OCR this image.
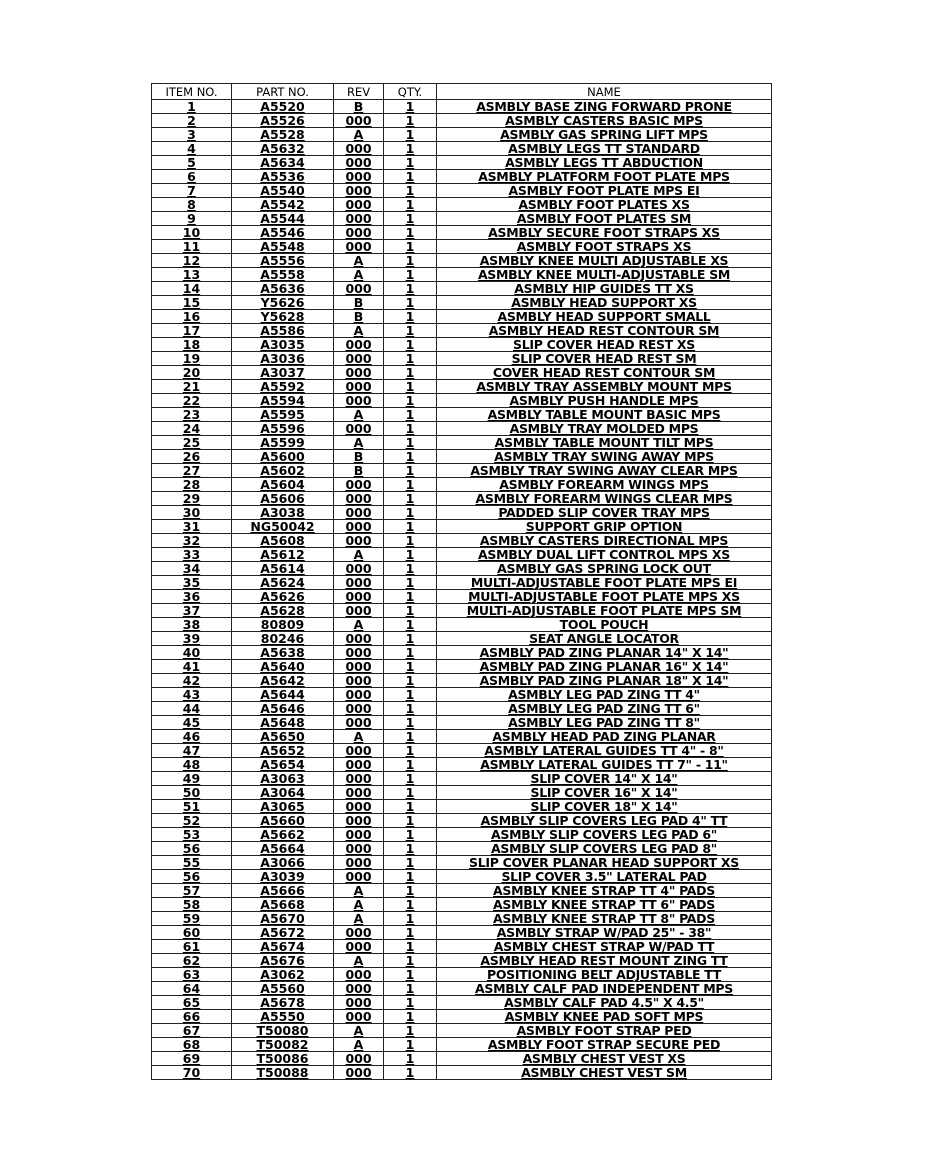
ITEM NO.	PART NO.	REV	QTY.	NAME
1	A5520	B	1	ASMBLY BASE ZING FORWARD PRONE
2	A5526	000	1	ASMBLY CASTERS BASIC MPS
3	A5528	A	1	ASMBLY GAS SPRING LIFT MPS
4	A5632	000	1	ASMBLY LEGS TT STANDARD
5	A5634	000	1	ASMBLY LEGS TT ABDUCTION
6	A5536	000	1	ASMBLY PLATFORM FOOT PLATE MPS
7	A5540	000	1	ASMBLY FOOT PLATE MPS EI
8	A5542	000	1	ASMBLY FOOT PLATES XS
9	A5544	000	1	ASMBLY FOOT PLATES SM
10	A5546	000	1	ASMBLY SECURE FOOT STRAPS XS
11	A5548	000	1	ASMBLY FOOT STRAPS XS
12	A5556	A	1	ASMBLY KNEE MULTI ADJUSTABLE XS
13	A5558	A	1	ASMBLY KNEE MULTI-ADJUSTABLE SM
14	A5636	000	1	ASMBLY HIP GUIDES TT XS
15	Y5626	B	1	ASMBLY HEAD SUPPORT XS
16	Y5628	B	1	ASMBLY HEAD SUPPORT SMALL
17	A5586	A	1	ASMBLY HEAD REST CONTOUR SM
18	A3035	000	1	SLIP COVER HEAD REST XS
19	A3036	000	1	SLIP COVER HEAD REST SM
20	A3037	000	1	COVER HEAD REST CONTOUR SM
21	A5592	000	1	ASMBLY TRAY ASSEMBLY MOUNT MPS
22	A5594	000	1	ASMBLY PUSH HANDLE MPS
23	A5595	A	1	ASMBLY TABLE MOUNT BASIC MPS
24	A5596	000	1	ASMBLY TRAY MOLDED MPS
25	A5599	A	1	ASMBLY TABLE MOUNT TILT MPS
26	A5600	B	1	ASMBLY TRAY SWING AWAY MPS
27	A5602	B	1	ASMBLY TRAY SWING AWAY CLEAR MPS
28	A5604	000	1	ASMBLY FOREARM WINGS MPS
29	A5606	000	1	ASMBLY FOREARM WINGS CLEAR MPS
30	A3038	000	1	PADDED SLIP COVER TRAY MPS
31	NG50042	000	1	SUPPORT GRIP OPTION
32	A5608	000	1	ASMBLY CASTERS DIRECTIONAL MPS
33	A5612	A	1	ASMBLY DUAL LIFT CONTROL MPS XS
34	A5614	000	1	ASMBLY GAS SPRING LOCK OUT
35	A5624	000	1	MULTI-ADJUSTABLE FOOT PLATE MPS EI
36	A5626	000	1	MULTI-ADJUSTABLE FOOT PLATE MPS XS
37	A5628	000	1	MULTI-ADJUSTABLE FOOT PLATE MPS SM
38	80809	A	1	TOOL POUCH
39	80246	000	1	SEAT ANGLE LOCATOR
40	A5638	000	1	ASMBLY PAD ZING PLANAR 14" X 14"
41	A5640	000	1	ASMBLY PAD ZING PLANAR 16" X 14"
42	A5642	000	1	ASMBLY PAD ZING PLANAR 18" X 14"
43	A5644	000	1	ASMBLY LEG PAD ZING TT 4"
44	A5646	000	1	ASMBLY LEG PAD ZING TT 6"
45	A5648	000	1	ASMBLY LEG PAD ZING TT 8"
46	A5650	A	1	ASMBLY HEAD PAD ZING PLANAR
47	A5652	000	1	ASMBLY LATERAL GUIDES TT 4" - 8"
48	A5654	000	1	ASMBLY LATERAL GUIDES TT 7" - 11"
49	A3063	000	1	SLIP COVER 14" X 14"
50	A3064	000	1	SLIP COVER 16" X 14"
51	A3065	000	1	SLIP COVER 18" X 14"
52	A5660	000	1	ASMBLY SLIP COVERS LEG PAD 4" TT
53	A5662	000	1	ASMBLY SLIP COVERS LEG PAD 6"
56	A5664	000	1	ASMBLY SLIP COVERS LEG PAD 8"
55	A3066	000	1	SLIP COVER PLANAR HEAD SUPPORT XS
56	A3039	000	1	SLIP COVER 3.5" LATERAL PAD
57	A5666	A	1	ASMBLY KNEE STRAP TT 4" PADS
58	A5668	A	1	ASMBLY KNEE STRAP TT 6" PADS
59	A5670	A	1	ASMBLY KNEE STRAP TT 8" PADS
60	A5672	000	1	ASMBLY STRAP W/PAD 25" - 38"
61	A5674	000	1	ASMBLY CHEST STRAP W/PAD TT
62	A5676	A	1	ASMBLY HEAD REST MOUNT ZING TT
63	A3062	000	1	POSITIONING BELT ADJUSTABLE TT
64	A5560	000	1	ASMBLY CALF PAD INDEPENDENT MPS
65	A5678	000	1	ASMBLY CALF PAD 4.5" X 4.5"
66	A5550	000	1	ASMBLY KNEE PAD SOFT MPS
67	T50080	A	1	ASMBLY FOOT STRAP PED
68	T50082	A	1	ASMBLY FOOT STRAP SECURE PED
69	T50086	000	1	ASMBLY CHEST VEST XS
70	T50088	000	1	ASMBLY CHEST VEST SM
